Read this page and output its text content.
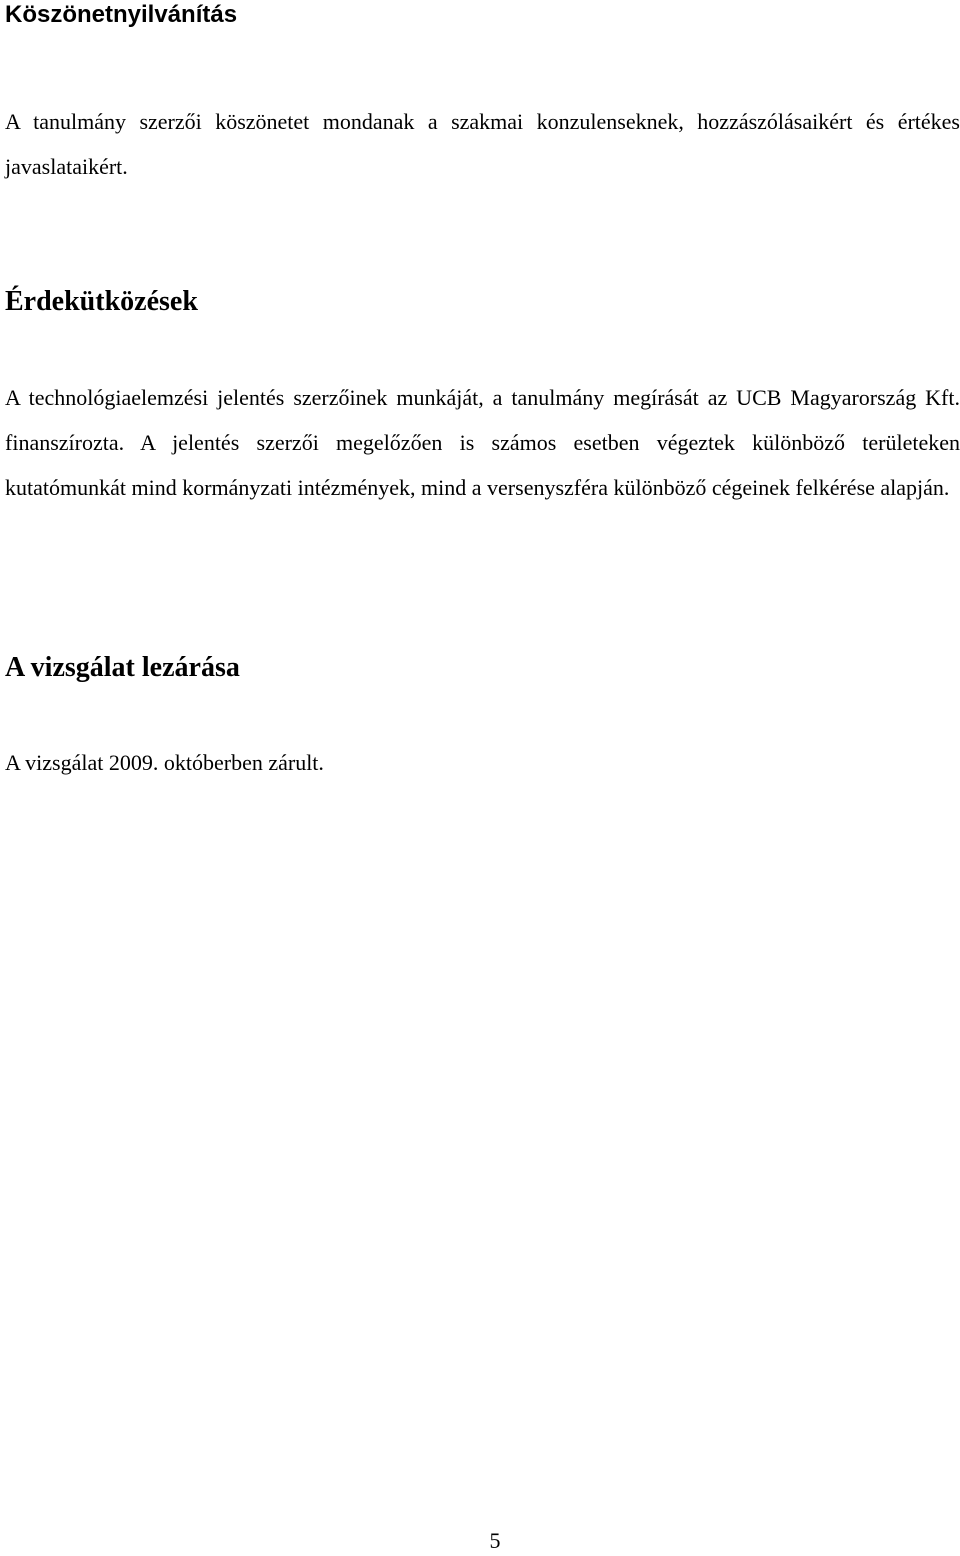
Köszönetnyilvánítás

A tanulmány szerzői köszönetet mondanak a szakmai konzulenseknek, hozzászólásaikért és értékes javaslataikért.

Érdekütközések

A technológiaelemzési jelentés szerzőinek munkáját, a tanulmány megírását az UCB Magyarország Kft. finanszírozta. A jelentés szerzői megelőzően is számos esetben végeztek különböző területeken kutatómunkát mind kormányzati intézmények, mind a versenyszféra különböző cégeinek felkérése alapján.

A vizsgálat lezárása

A vizsgálat 2009. októberben zárult.

5
